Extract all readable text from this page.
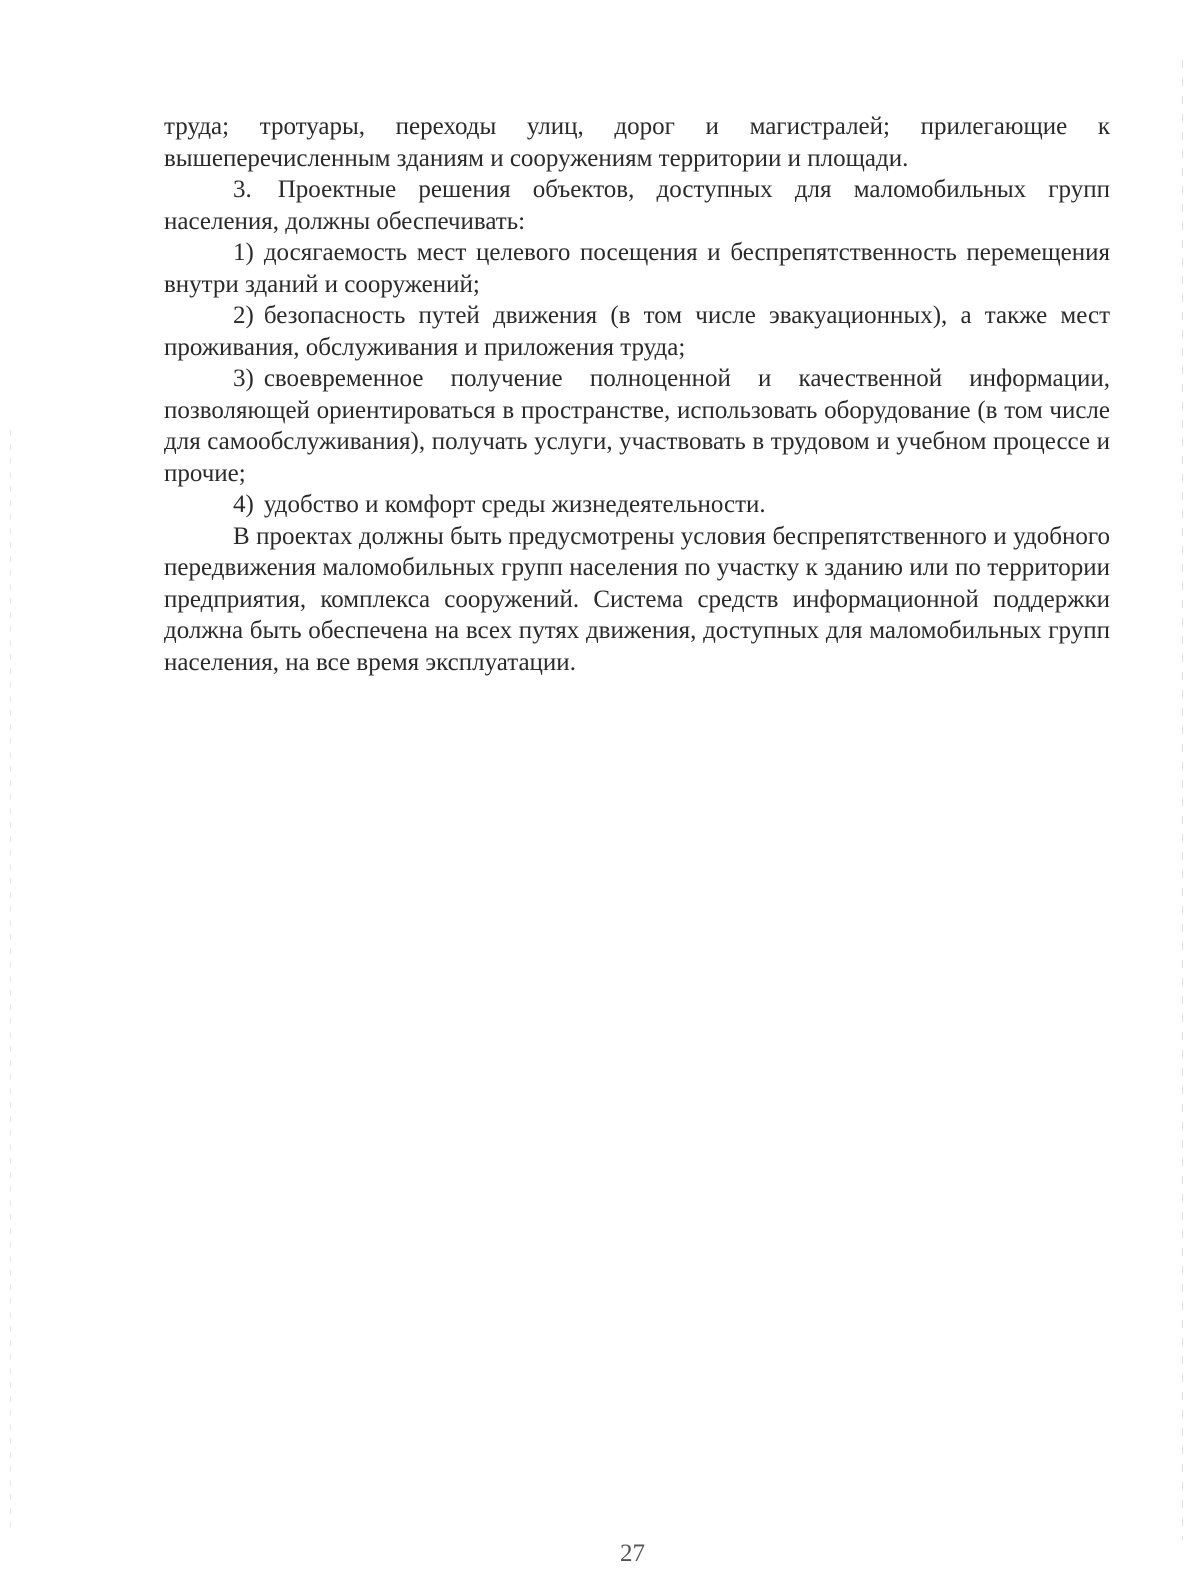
труда; тротуары, переходы улиц, дорог и магистралей; прилегающие к вышеперечисленным зданиям и сооружениям территории и площади.

3. Проектные решения объектов, доступных для маломобильных групп населения, должны обеспечивать:

1) досягаемость мест целевого посещения и беспрепятственность перемещения внутри зданий и сооружений;

2) безопасность путей движения (в том числе эвакуационных), а также мест проживания, обслуживания и приложения труда;

3) своевременное получение полноценной и качественной информации, позволяющей ориентироваться в пространстве, использовать оборудование (в том числе для самообслуживания), получать услуги, участвовать в трудовом и учебном процессе и прочие;

4) удобство и комфорт среды жизнедеятельности.

В проектах должны быть предусмотрены условия беспрепятственного и удобного передвижения маломобильных групп населения по участку к зданию или по территории предприятия, комплекса сооружений. Система средств информационной поддержки должна быть обеспечена на всех путях движения, доступных для маломобильных групп населения, на все время эксплуатации.

27
